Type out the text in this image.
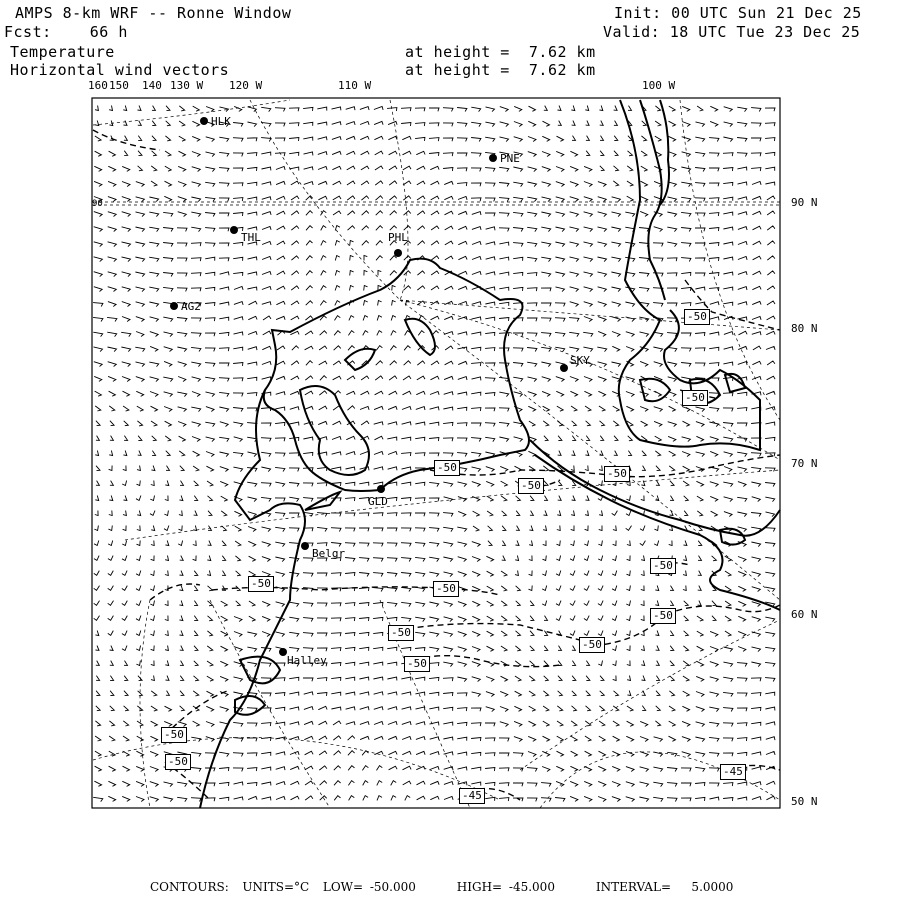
AMPS 8-km WRF -- Ronne Window
Fcst:    66 h
Init: 00 UTC Sun 21 Dec 25
Valid: 18 UTC Tue 23 Dec 25
Temperature	at height =  7.62 km
Horizontal wind vectors	at height =  7.62 km
160 150 140 130 W 120 W	110 W	100 W
90 N
80 N
70 N
60 N
50 N
90
HLK
PNE
THL	PHL
AG2
SKY
GLD
Belgr
Halley
-50
-50
-50	-50
-50
-50	-50
-50
-50
-50
-50
-50
-50
-50
-45
-45
CONTOURS:  UNITS=°C  LOW= -50.000      HIGH= -45.000      INTERVAL=   5.0000
